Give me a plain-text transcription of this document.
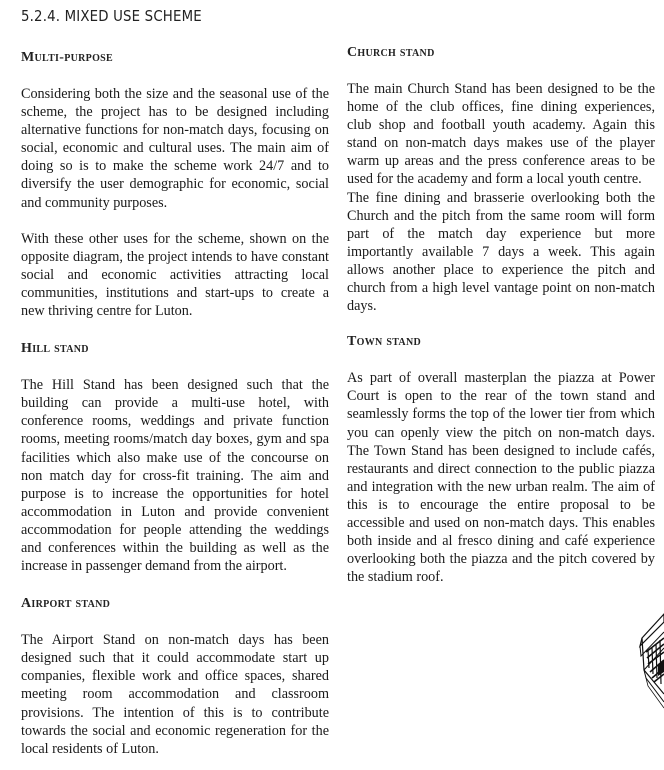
5.2.4. MIXED USE SCHEME
Multi-purpose

Considering both the size and the seasonal use of the scheme, the project has to be designed including alternative functions for non-match days, focusing on social, economic and cultural uses. The main aim of doing so is to make the scheme work 24/7 and to diversify the user demographic for economic, social and community purposes.

With these other uses for the scheme, shown on the opposite diagram, the project intends to have constant social and economic activities attracting local communities, institutions and start-ups to create a new thriving centre for Luton.

Hill stand

The Hill Stand has been designed such that the building can provide a multi-use hotel, with conference rooms, weddings and private function rooms, meeting rooms/match day boxes, gym and spa facilities which also make use of the concourse on non match day for cross-fit training. The aim and purpose is to increase the opportunities for hotel accommodation in Luton and provide convenient accommodation for people attending the weddings and conferences within the building as well as the increase in passenger demand from the airport.

Airport stand

The Airport Stand on non-match days has been designed such that it could accommodate start up companies, flexible work and office spaces, shared meeting room accommodation and classroom provisions. The intention of this is to contribute towards the social and economic regeneration for the local residents of Luton.

Church stand

The main Church Stand has been designed to be the home of the club offices, fine dining experiences, club shop and football youth academy. Again this stand on non-match days makes use of the player warm up areas and the press conference areas to be used for the academy and form a local youth centre.

The fine dining and brasserie overlooking both the Church and the pitch from the same room will form part of the match day experience but more importantly available 7 days a week. This again allows another place to experience the pitch and church from a high level vantage point on non-match days.

Town stand

As part of overall masterplan the piazza at Power Court is open to the rear of the town stand and seamlessly forms the top of the lower tier from which you can openly view the pitch on non-match days. The Town Stand has been designed to include cafés, restaurants and direct connection to the public piazza and integration with the new urban realm. The aim of this is to encourage the entire proposal to be accessible and used on non-match days. This enables both inside and al fresco dining and café experience overlooking both the piazza and the pitch covered by the stadium roof.
